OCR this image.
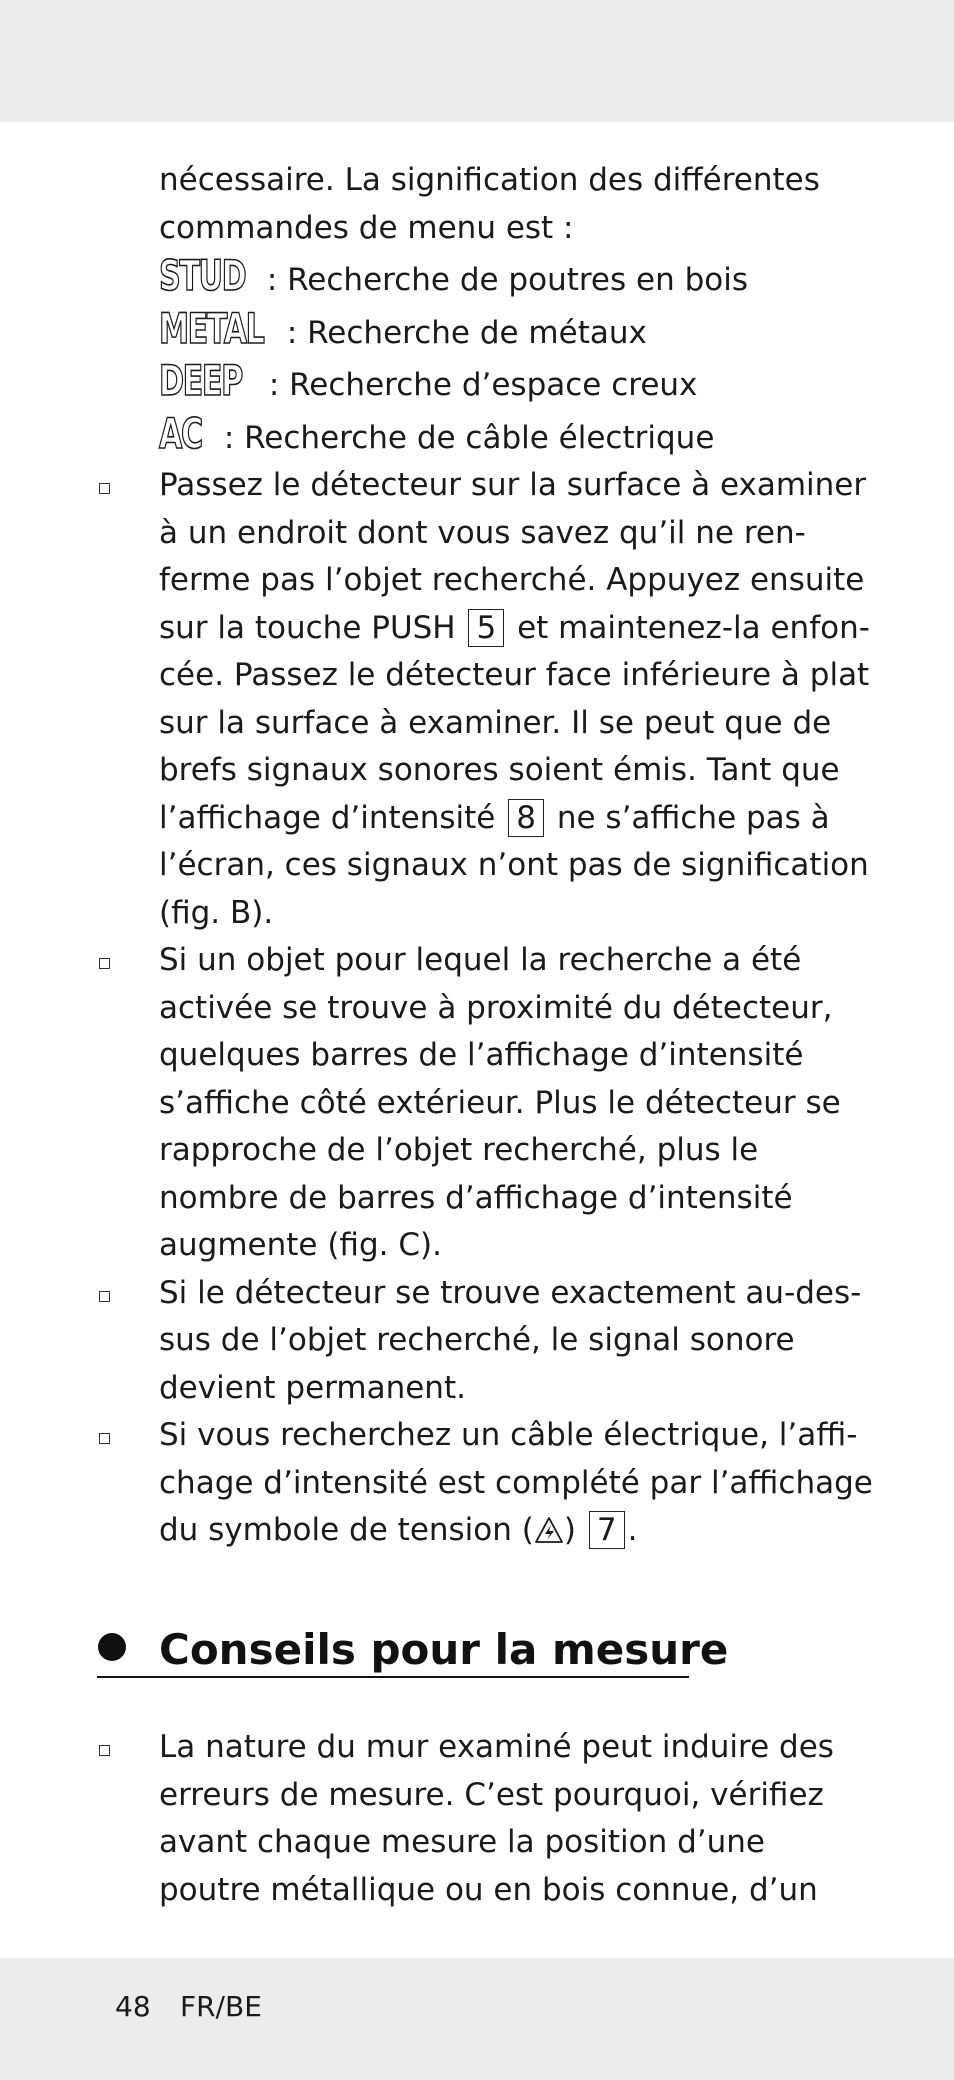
nécessaire. La signification des différentes
commandes de menu est :
STUD : Recherche de poutres en bois
METAL : Recherche de métaux
DEEP : Recherche d’espace creux
AC : Recherche de câble électrique
Passez le détecteur sur la surface à examiner
à un endroit dont vous savez qu’il ne ren-
ferme pas l’objet recherché. Appuyez ensuite
sur la touche PUSH 5 et maintenez-la enfon-
cée. Passez le détecteur face inférieure à plat
sur la surface à examiner. Il se peut que de
brefs signaux sonores soient émis. Tant que
l’affichage d’intensité 8 ne s’affiche pas à
l’écran, ces signaux n’ont pas de signification
(fig. B).
Si un objet pour lequel la recherche a été
activée se trouve à proximité du détecteur,
quelques barres de l’affichage d’intensité
s’affiche côté extérieur. Plus le détecteur se
rapproche de l’objet recherché, plus le
nombre de barres d’affichage d’intensité
augmente (fig. C).
Si le détecteur se trouve exactement au-des-
sus de l’objet recherché, le signal sonore
devient permanent.
Si vous recherchez un câble électrique, l’affi-
chage d’intensité est complété par l’affichage
du symbole de tension ( ) 7 .
Conseils pour la mesure
La nature du mur examiné peut induire des
erreurs de mesure. C’est pourquoi, vérifiez
avant chaque mesure la position d’une
poutre métallique ou en bois connue, d’un
48 FR/BE
